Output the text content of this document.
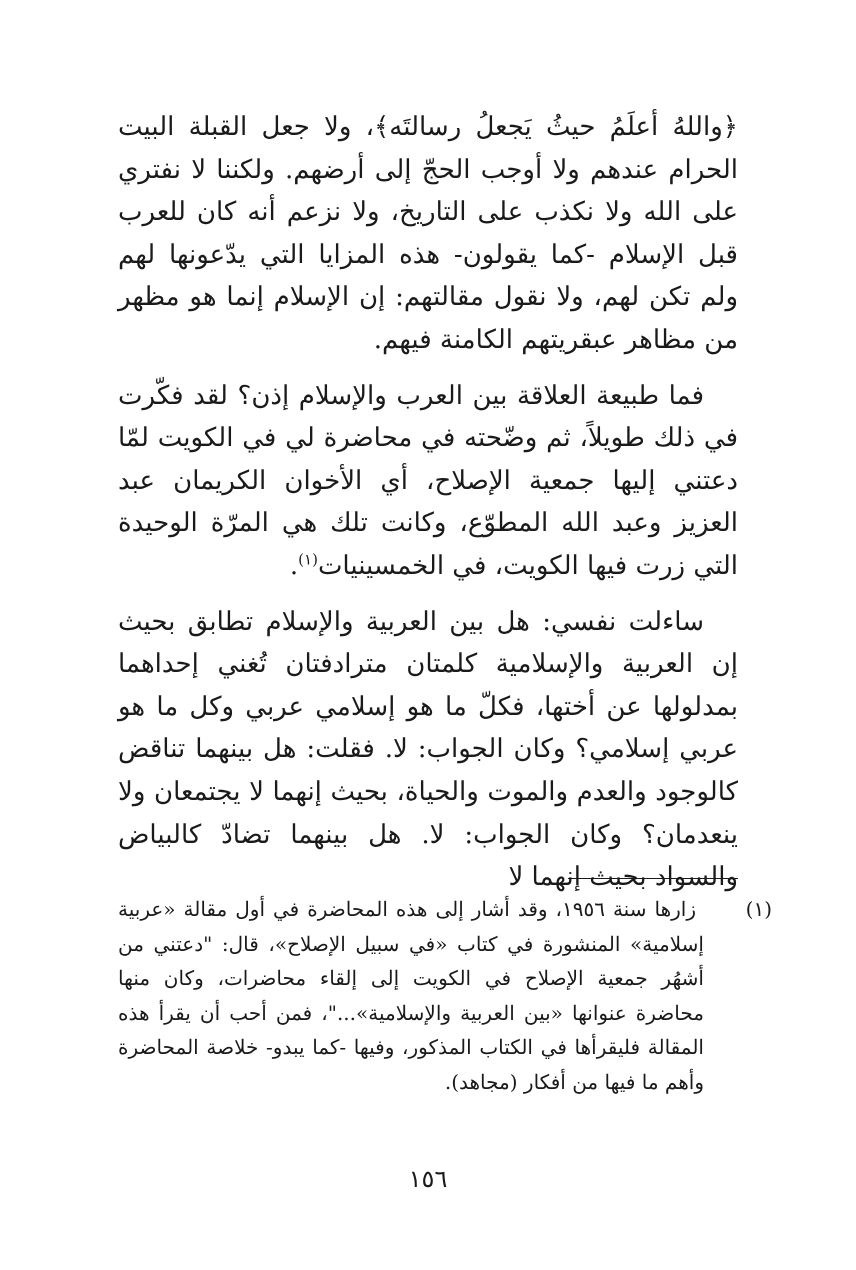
﴿واللهُ أعلَمُ حيثُ يَجعلُ رسالتَه﴾، ولا جعل القبلة البيت الحرام عندهم ولا أوجب الحجّ إلى أرضهم. ولكننا لا نفتري على الله ولا نكذب على التاريخ، ولا نزعم أنه كان للعرب قبل الإسلام -كما يقولون- هذه المزايا التي يدّعونها لهم ولم تكن لهم، ولا نقول مقالتهم: إن الإسلام إنما هو مظهر من مظاهر عبقريتهم الكامنة فيهم.

فما طبيعة العلاقة بين العرب والإسلام إذن؟ لقد فكّرت في ذلك طويلاً، ثم وضّحته في محاضرة لي في الكويت لمّا دعتني إليها جمعية الإصلاح، أي الأخوان الكريمان عبد العزيز وعبد الله المطوّع، وكانت تلك هي المرّة الوحيدة التي زرت فيها الكويت، في الخمسينيات$^{(١)}$.

ساءلت نفسي: هل بين العربية والإسلام تطابق بحيث إن العربية والإسلامية كلمتان مترادفتان تُغني إحداهما بمدلولها عن أختها، فكلّ ما هو إسلامي عربي وكل ما هو عربي إسلامي؟ وكان الجواب: لا. فقلت: هل بينهما تناقض كالوجود والعدم والموت والحياة، بحيث إنهما لا يجتمعان ولا ينعدمان؟ وكان الجواب: لا. هل بينهما تضادّ كالبياض والسواد بحيث إنهما لا

(١) زارها سنة ١٩٥٦، وقد أشار إلى هذه المحاضرة في أول مقالة «عربية إسلامية» المنشورة في كتاب «في سبيل الإصلاح»، قال: "دعتني من أشهُر جمعية الإصلاح في الكويت إلى إلقاء محاضرات، وكان منها محاضرة عنوانها «بين العربية والإسلامية»..."، فمن أحب أن يقرأ هذه المقالة فليقرأها في الكتاب المذكور، وفيها -كما يبدو- خلاصة المحاضرة وأهم ما فيها من أفكار (مجاهد).

١٥٦
